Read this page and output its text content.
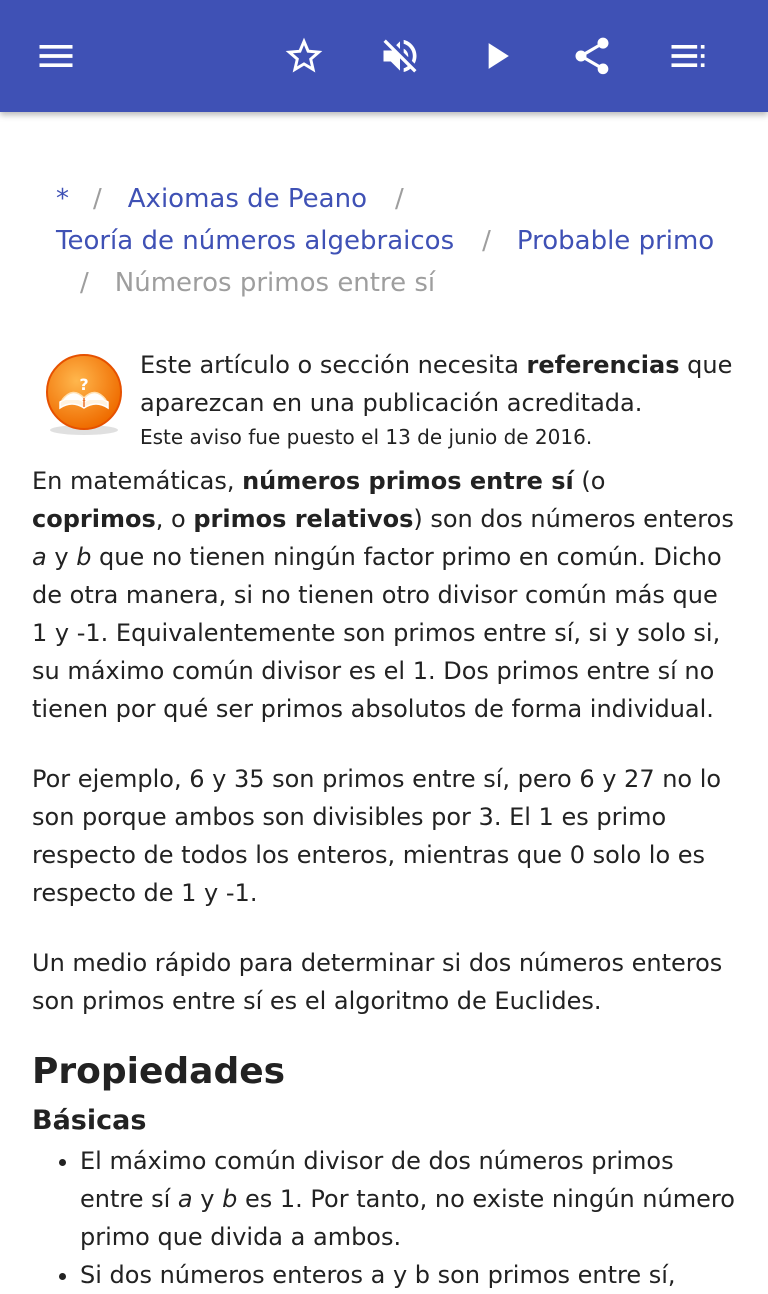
* / Axiomas de Peano /
Teoría de números algebraicos / Probable primo
/ Números primos entre sí
?
Este artículo o sección necesita referencias que aparezcan en una publicación acreditada.
Este aviso fue puesto el 13 de junio de 2016.

En matemáticas, números primos entre sí (o coprimos, o primos relativos) son dos números enteros a y b que no tienen ningún factor primo en común. Dicho de otra manera, si no tienen otro divisor común más que 1 y -1. Equivalentemente son primos entre sí, si y solo si, su máximo común divisor es el 1. Dos primos entre sí no tienen por qué ser primos absolutos de forma individual.

Por ejemplo, 6 y 35 son primos entre sí, pero 6 y 27 no lo son porque ambos son divisibles por 3. El 1 es primo respecto de todos los enteros, mientras que 0 solo lo es respecto de 1 y -1.

Un medio rápido para determinar si dos números enteros son primos entre sí es el algoritmo de Euclides.

Propiedades
Básicas
• El máximo común divisor de dos números primos entre sí a y b es 1. Por tanto, no existe ningún número primo que divida a ambos.
• Si dos números enteros a y b son primos entre sí,
